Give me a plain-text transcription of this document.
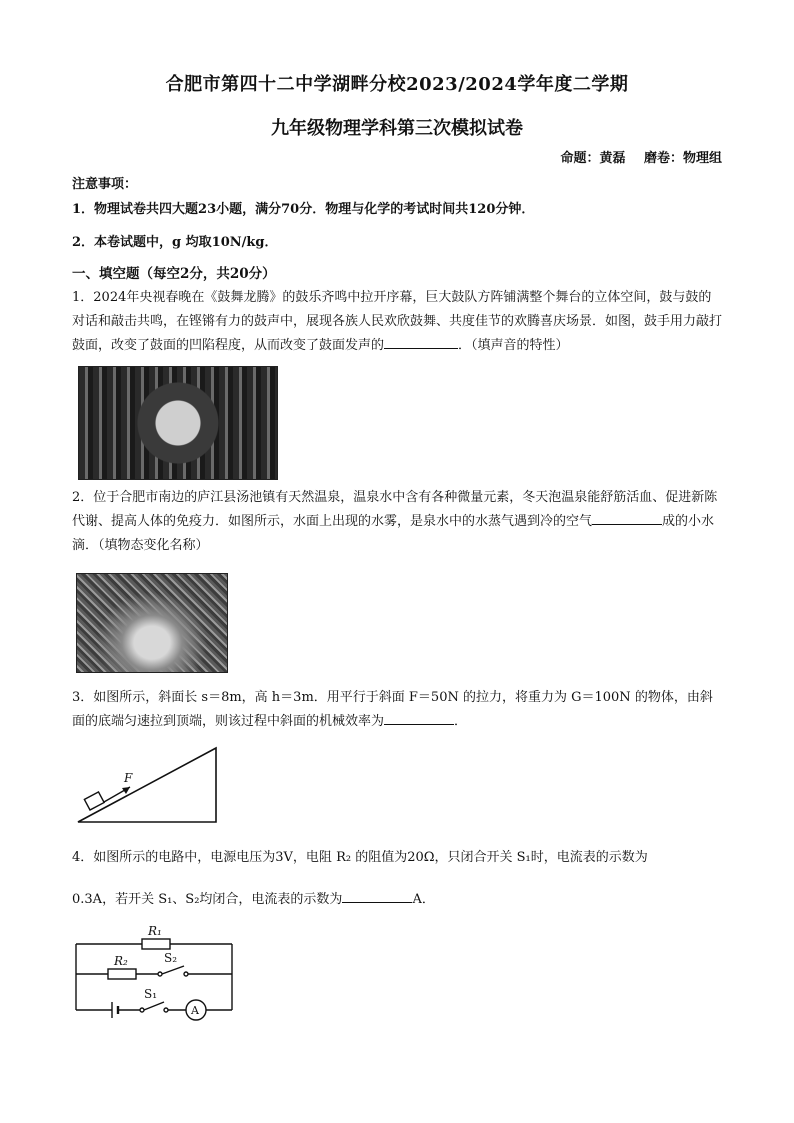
合肥市第四十二中学湖畔分校2023/2024学年度二学期
九年级物理学科第三次模拟试卷
命题：黄磊 磨卷：物理组
注意事项：
1．物理试卷共四大题23小题，满分70分．物理与化学的考试时间共120分钟．
2．本卷试题中，g 均取10N/kg．
一、填空题（每空2分，共20分）
1．2024年央视春晚在《鼓舞龙腾》的鼓乐齐鸣中拉开序幕，巨大鼓队方阵铺满整个舞台的立体空间，鼓与鼓的对话和敲击共鸣，在铿锵有力的鼓声中，展现各族人民欢欣鼓舞、共度佳节的欢腾喜庆场景．如图，鼓手用力敲打鼓面，改变了鼓面的凹陷程度，从而改变了鼓面发声的	．（填声音的特性）
2．位于合肥市南边的庐江县汤池镇有天然温泉，温泉水中含有各种微量元素，冬天泡温泉能舒筋活血、促进新陈代谢、提高人体的免疫力．如图所示，水面上出现的水雾，是泉水中的水蒸气遇到冷的空气	成的小水滴．（填物态变化名称）
3．如图所示，斜面长 s＝8m，高 h＝3m．用平行于斜面 F＝50N 的拉力，将重力为 G＝100N 的物体，由斜面的底端匀速拉到顶端，则该过程中斜面的机械效率为	．
F
4．如图所示的电路中，电源电压为3V，电阻 R₂ 的阻值为20Ω，只闭合开关 S₁时，电流表的示数为
0.3A，若开关 S₁、S₂均闭合，电流表的示数为	A．
R₁
R₂	S₂
S₁
A
